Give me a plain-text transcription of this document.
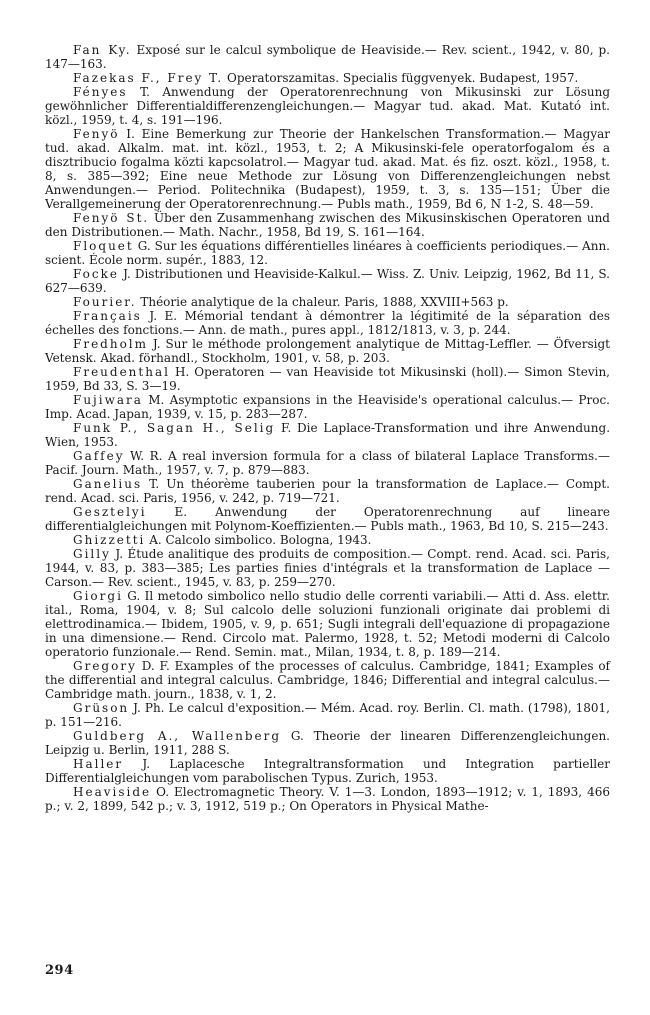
Fan Ky. Exposé sur le calcul symbolique de Heaviside.— Rev. scient., 1942, v. 80, p. 147—163.

Fazekas F., Frey T. Operatorszamitas. Specialis függvenyek. Budapest, 1957.

Fényes T. Anwendung der Operatorenrechnung von Mikusinski zur Lösung gewöhnlicher Differentialdifferenzengleichungen.— Magyar tud. akad. Mat. Kutató int. közl., 1959, t. 4, s. 191—196.

Fenyö I. Eine Bemerkung zur Theorie der Hankelschen Transformation.— Magyar tud. akad. Alkalm. mat. int. közl., 1953, t. 2; A Mikusinski-fele operatorfogalom és a disztribucio fogalma közti kapcsolatrol.— Magyar tud. akad. Mat. és fiz. oszt. közl., 1958, t. 8, s. 385—392; Eine neue Methode zur Lösung von Differenzengleichungen nebst Anwendungen.— Period. Politechnika (Budapest), 1959, t. 3, s. 135—151; Über die Verallgemeinerung der Operatorenrechnung.— Publs math., 1959, Bd 6, N 1-2, S. 48—59.

Fenyö St. Über den Zusammenhang zwischen des Mikusinskischen Operatoren und den Distributionen.— Math. Nachr., 1958, Bd 19, S. 161—164.

Floquet G. Sur les équations différentielles linéares à coefficients periodiques.— Ann. scient. École norm. supér., 1883, 12.

Focke J. Distributionen und Heaviside-Kalkul.— Wiss. Z. Univ. Leipzig, 1962, Bd 11, S. 627—639.

Fourier. Théorie analytique de la chaleur. Paris, 1888, XXVIII+563 p.

Français J. E. Mémorial tendant à démontrer la légitimité de la séparation des échelles des fonctions.— Ann. de math., pures appl., 1812/1813, v. 3, p. 244.

Fredholm J. Sur le méthode prolongement analytique de Mittag-Leffler. — Öfversigt Vetensk. Akad. förhandl., Stockholm, 1901, v. 58, p. 203.

Freudenthal H. Operatoren — van Heaviside tot Mikusinski (holl).— Simon Stevin, 1959, Bd 33, S. 3—19.

Fujiwara M. Asymptotic expansions in the Heaviside's operational calculus.— Proc. Imp. Acad. Japan, 1939, v. 15, p. 283—287.

Funk P., Sagan H., Selig F. Die Laplace-Transformation und ihre Anwendung. Wien, 1953.

Gaffey W. R. A real inversion formula for a class of bilateral Laplace Transforms.— Pacif. Journ. Math., 1957, v. 7, p. 879—883.

Ganelius T. Un théorème tauberien pour la transformation de Laplace.— Compt. rend. Acad. sci. Paris, 1956, v. 242, p. 719—721.

Gesztelyi E. Anwendung der Operatorenrechnung auf lineare differentialgleichungen mit Polynom-Koeffizienten.— Publs math., 1963, Bd 10, S. 215—243.

Ghizzetti A. Calcolo simbolico. Bologna, 1943.

Gilly J. Étude analitique des produits de composition.— Compt. rend. Acad. sci. Paris, 1944, v. 83, p. 383—385; Les parties finies d'intégrals et la transformation de Laplace — Carson.— Rev. scient., 1945, v. 83, p. 259—270.

Giorgi G. Il metodo simbolico nello studio delle correnti variabili.— Atti d. Ass. elettr. ital., Roma, 1904, v. 8; Sul calcolo delle soluzioni funzionali originate dai problemi di elettrodinamica.— Ibidem, 1905, v. 9, p. 651; Sugli integrali dell'equazione di propagazione in una dimensione.— Rend. Circolo mat. Palermo, 1928, t. 52; Metodi moderni di Calcolo operatorio funzionale.— Rend. Semin. mat., Milan, 1934, t. 8, p. 189—214.

Gregory D. F. Examples of the processes of calculus. Cambridge, 1841; Examples of the differential and integral calculus. Cambridge, 1846; Differential and integral calculus.— Cambridge math. journ., 1838, v. 1, 2.

Grüson J. Ph. Le calcul d'exposition.— Mém. Acad. roy. Berlin. Cl. math. (1798), 1801, p. 151—216.

Guldberg A., Wallenberg G. Theorie der linearen Differenzengleichungen. Leipzig u. Berlin, 1911, 288 S.

Haller J. Laplacesche Integraltransformation und Integration partieller Differentialgleichungen vom parabolischen Typus. Zurich, 1953.

Heaviside O. Electromagnetic Theory. V. 1—3. London, 1893—1912; v. 1, 1893, 466 p.; v. 2, 1899, 542 p.; v. 3, 1912, 519 p.; On Operators in Physical Mathe-

294
